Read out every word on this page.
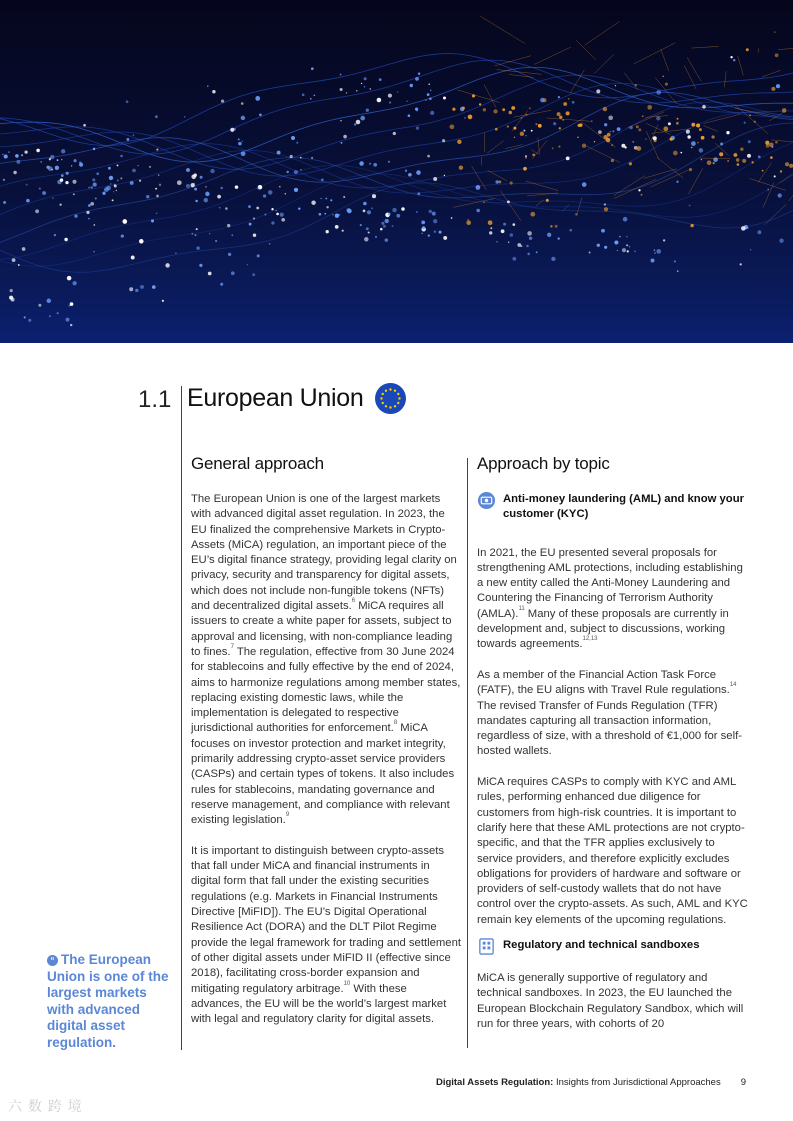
1.1 European Union
General approach

The European Union is one of the largest markets with advanced digital asset regulation. In 2023, the EU finalized the comprehensive Markets in Crypto-Assets (MiCA) regulation, an important piece of the EU’s digital finance strategy, providing legal clarity on privacy, security and transparency for digital assets, which does not include non-fungible tokens (NFTs) and decentralized digital assets.$^6$ MiCA requires all issuers to create a white paper for assets, subject to approval and licensing, with non-compliance leading to fines.$^7$ The regulation, effective from 30 June 2024 for stablecoins and fully effective by the end of 2024, aims to harmonize regulations among member states, replacing existing domestic laws, while the implementation is delegated to respective jurisdictional authorities for enforcement.$^8$ MiCA focuses on investor protection and market integrity, primarily addressing crypto-asset service providers (CASPs) and certain types of tokens. It also includes rules for stablecoins, mandating governance and reserve management, and compliance with relevant existing legislation.$^9$

It is important to distinguish between crypto-assets that fall under MiCA and financial instruments in digital form that fall under the existing securities regulations (e.g. Markets in Financial Instruments Directive [MiFID]). The EU’s Digital Operational Resilience Act (DORA) and the DLT Pilot Regime provide the legal framework for trading and settlement of other digital assets under MiFID II (effective since 2018), facilitating cross-border expansion and mitigating regulatory arbitrage.$^{10}$ With these advances, the EU will be the world’s largest market with legal and regulatory clarity for digital assets.

Approach by topic
Anti-money laundering (AML) and know your customer (KYC)

In 2021, the EU presented several proposals for strengthening AML protections, including establishing a new entity called the Anti-Money Laundering and Countering the Financing of Terrorism Authority (AMLA).$^{11}$ Many of these proposals are currently in development and, subject to discussions, working towards agreements.$^{12,13}$

As a member of the Financial Action Task Force (FATF), the EU aligns with Travel Rule regulations.$^{14}$ The revised Transfer of Funds Regulation (TFR) mandates capturing all transaction information, regardless of size, with a threshold of €1,000 for self-hosted wallets.

MiCA requires CASPs to comply with KYC and AML rules, performing enhanced due diligence for customers from high-risk countries. It is important to clarify here that these AML protections are not crypto-specific, and that the TFR applies exclusively to service providers, and therefore explicitly excludes obligations for providers of hardware and software or providers of self-custody wallets that do not have control over the crypto-assets. As such, AML and KYC remain key elements of the upcoming regulations.

Regulatory and technical sandboxes

MiCA is generally supportive of regulatory and technical sandboxes. In 2023, the EU launched the European Blockchain Regulatory Sandbox, which will run for three years, with cohorts of 20

“ The European Union is one of the largest markets with advanced digital asset regulation.
Digital Assets Regulation: Insights from Jurisdictional Approaches 9
六 数 跨 境
